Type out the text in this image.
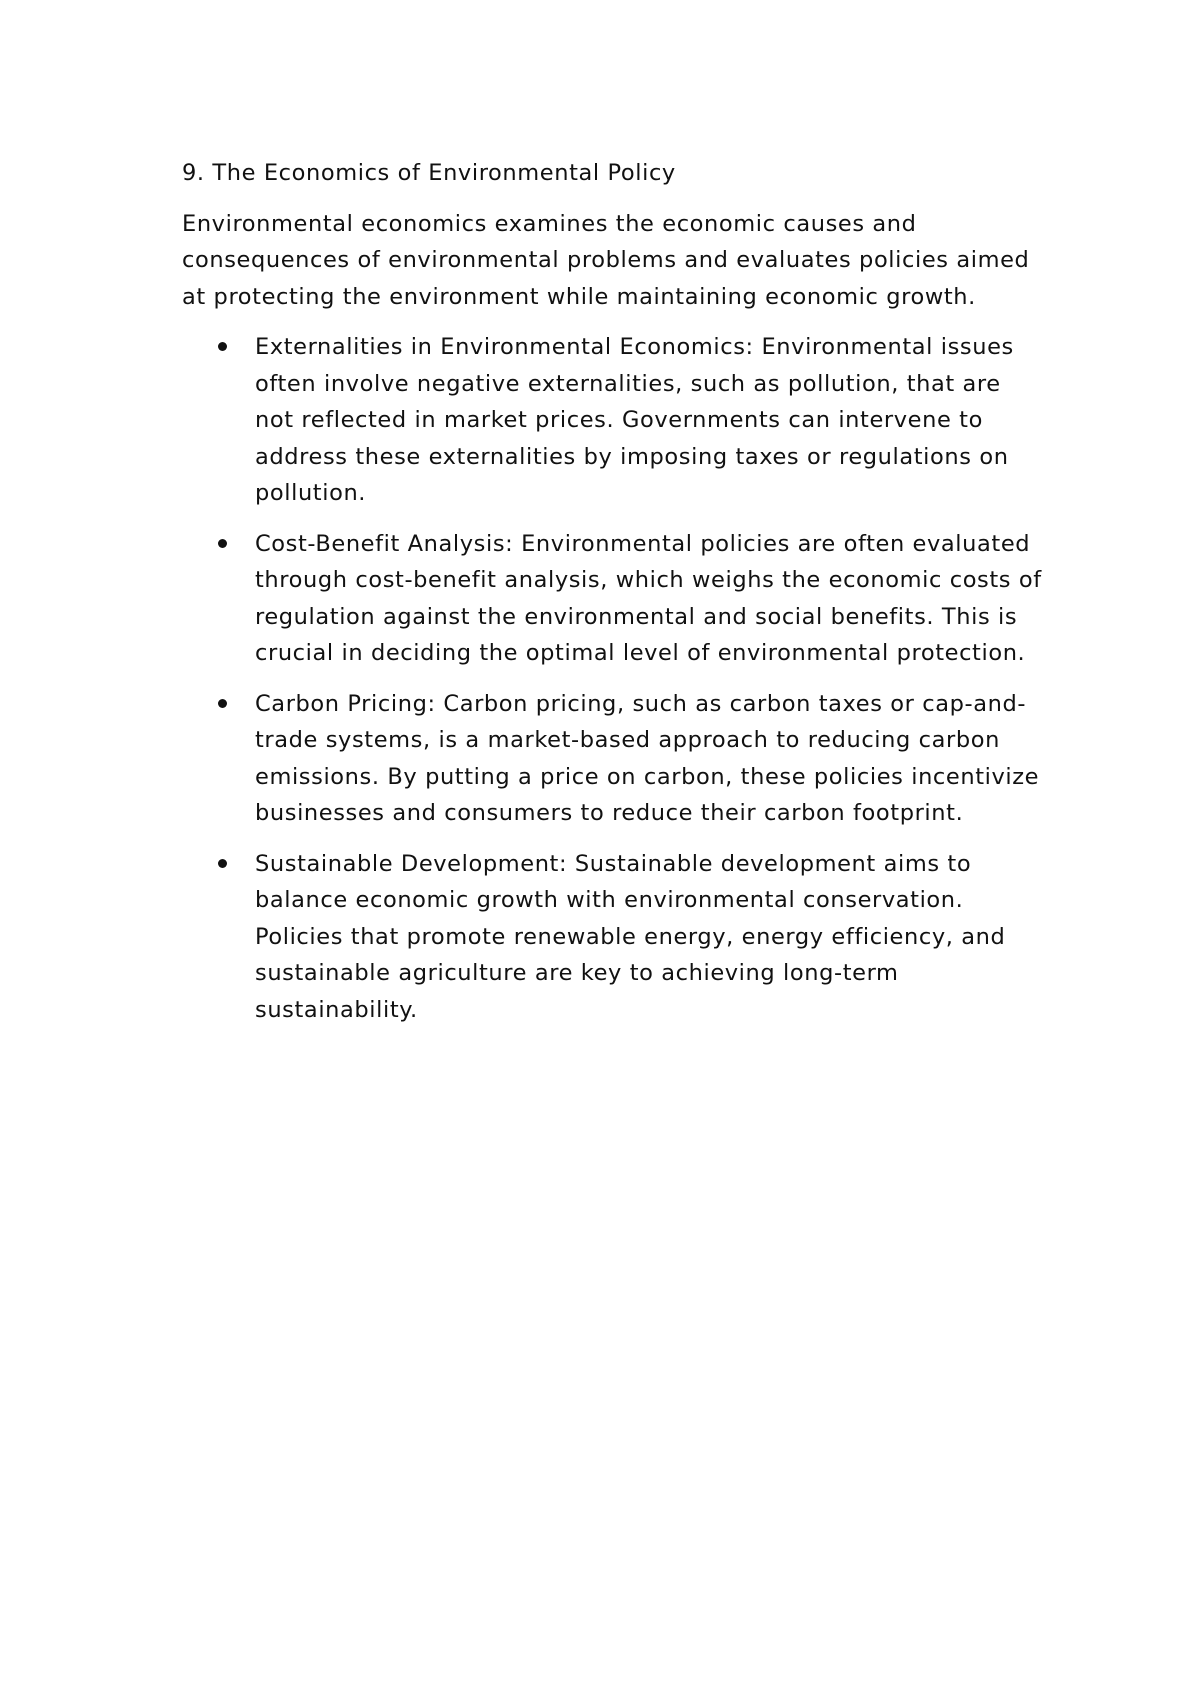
9. The Economics of Environmental Policy

Environmental economics examines the economic causes and consequences of environmental problems and evaluates policies aimed at protecting the environment while maintaining economic growth.

Externalities in Environmental Economics: Environmental issues often involve negative externalities, such as pollution, that are not reflected in market prices. Governments can intervene to address these externalities by imposing taxes or regulations on pollution.
Cost-Benefit Analysis: Environmental policies are often evaluated through cost-benefit analysis, which weighs the economic costs of regulation against the environmental and social benefits. This is crucial in deciding the optimal level of environmental protection.
Carbon Pricing: Carbon pricing, such as carbon taxes or cap-and-trade systems, is a market-based approach to reducing carbon emissions. By putting a price on carbon, these policies incentivize businesses and consumers to reduce their carbon footprint.
Sustainable Development: Sustainable development aims to balance economic growth with environmental conservation. Policies that promote renewable energy, energy efficiency, and sustainable agriculture are key to achieving long-term sustainability.
